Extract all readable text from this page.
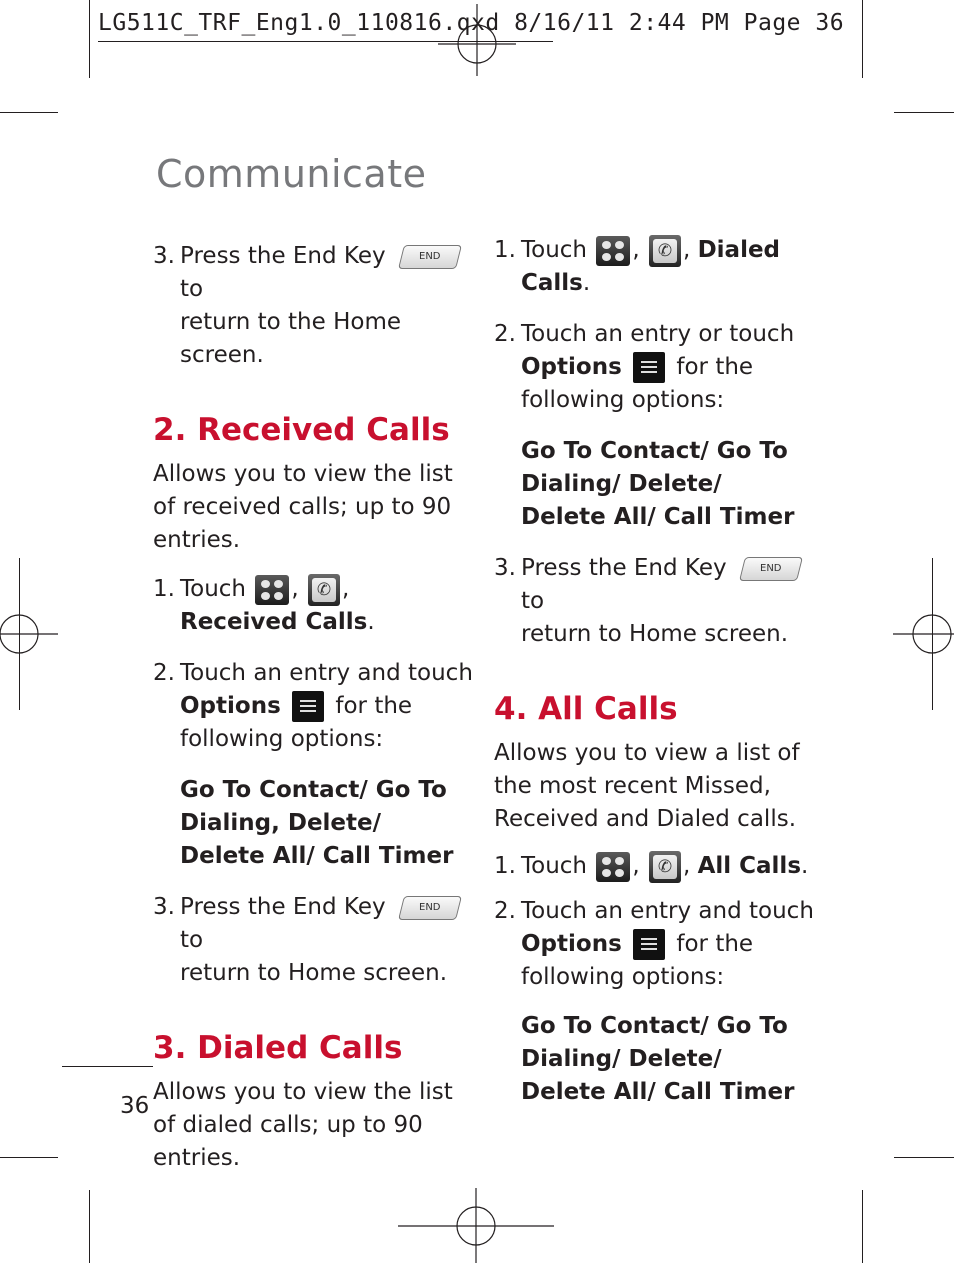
LG511C_TRF_Eng1.0_110816.qxd 8/16/11 2:44 PM Page 36
Communicate
3. Press the End Key	END to
return to the Home screen.
2. Received Calls

Allows you to view the list of received calls; up to 90 entries.

1. Touch , ✆ , Received Calls.
2. Touch an entry and touch
Options for the following options:

Go To Contact/ Go To Dialing, Delete/ Delete All/ Call Timer

3. Press the End Key	END to
return to Home screen.
3. Dialed Calls

Allows you to view the list of dialed calls; up to 90 entries.

1. Touch , ✆ , Dialed Calls.
2. Touch an entry or touch
Options for the following options:

Go To Contact/ Go To Dialing/ Delete/ Delete All/ Call Timer

3. Press the End Key	END to
return to Home screen.
4. All Calls

Allows you to view a list of the most recent Missed, Received and Dialed calls.

1. Touch , ✆ , All Calls.
2. Touch an entry and touch
Options for the following options:

Go To Contact/ Go To Dialing/ Delete/ Delete All/ Call Timer

36
